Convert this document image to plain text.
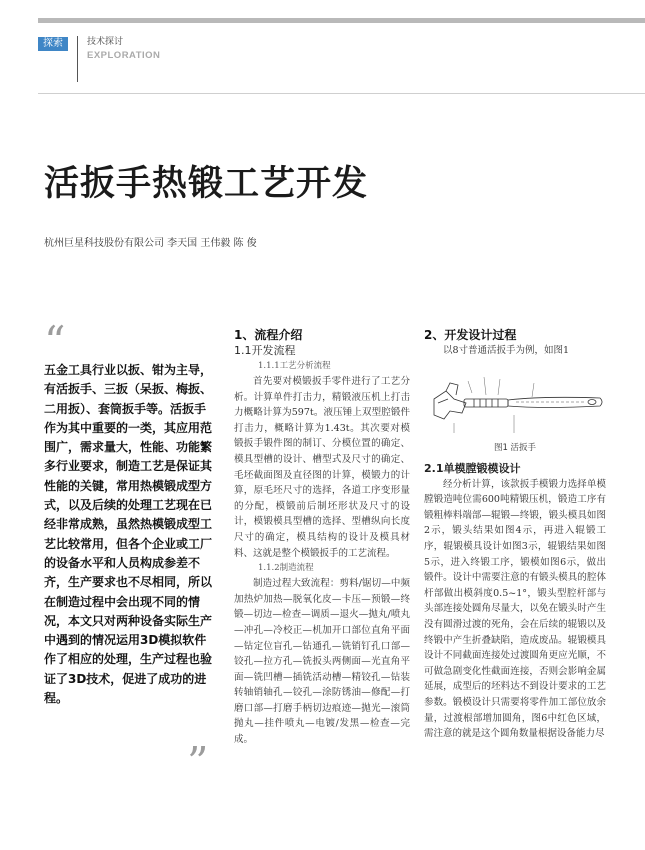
探索	技术探讨
EXPLORATION
活扳手热锻工艺开发
杭州巨星科技股份有限公司 李天国 王伟毅 陈 俊
“
五金工具行业以扳、钳为主导，有活扳手、三扳（呆扳、梅扳、二用扳）、套筒扳手等。活扳手作为其中重要的一类，其应用范围广，需求量大，性能、功能繁多行业要求，制造工艺是保证其性能的关键，常用热模锻成型方式，以及后续的处理工艺现在已经非常成熟，虽然热模锻成型工艺比较常用，但各个企业或工厂的设备水平和人员构成参差不齐，生产要求也不尽相同，所以在制造过程中会出现不同的情况，本文只对两种设备实际生产中遇到的情况运用3D模拟软件作了相应的处理，生产过程也验证了3D技术，促进了成功的进程。
”
1、流程介绍
1.1开发流程
1.1.1工艺分析流程
首先要对模锻扳手零件进行了工艺分析。计算单件打击力，精锻液压机上打击力概略计算为597t。液压锤上双型腔锻件打击力，概略计算为1.43t。其次要对模锻扳手锻件图的制订、分模位置的确定、模具型槽的设计、槽型式及尺寸的确定、毛坯截面图及直径图的计算，模锻力的计算，原毛坯尺寸的选择，各道工序变形量的分配，模锻前后制坯形状及尺寸的设计，模锻模具型槽的选择、型槽纵向长度尺寸的确定，模具结构的设计及模具材料、这就是整个模锻扳手的工艺流程。
1.1.2制造流程
制造过程大致流程：剪料/锯切—中频加热炉加热—脱氧化皮—卡压—预锻—终锻—切边—检查—调质—退火—抛丸/喷丸—冲孔—冷校正—机加开口部位直角平面—钻定位盲孔—钻通孔—铣销钉孔口部—铰孔—拉方孔—铣扳头两侧面—光直角平面—铣凹槽—插铣活动槽—精铰孔—钻装转轴销轴孔—铰孔—涂防锈油—修配—打磨口部—打磨手柄切边痕迹—抛光—滚筒抛丸—挂件喷丸—电镀/发黑—检查—完成。
2、开发设计过程
以8寸普通活扳手为例，如图1
图1 活扳手
2.1单模膛锻模设计
经分析计算，该款扳手模锻力选择单模膛锻造吨位需600吨精锻压机，锻造工序有锻粗棒料端部—辊锻—终锻，锻头模具如图2示，锻头结果如图4示，再进入辊锻工序，辊锻模具设计如图3示，辊锻结果如图5示，进入终锻工序，锻模如图6示，做出锻件。设计中需要注意的有锻头模具的腔体杆部做出模斜度0.5~1°，锻头型腔杆部与头部连接处圆角尽量大，以免在锻头时产生没有圆滑过渡的死角，会在后续的辊锻以及终锻中产生折叠缺陷，造成废品。辊锻模具设计不同截面连接处过渡圆角更应光顺，不可做急剧变化性截面连接，否则会影响金属延展，成型后的坯料达不到设计要求的工艺参数。锻模设计只需要将零件加工部位放余量，过渡根部增加圆角，图6中红色区域，需注意的就是这个圆角数量根据设备能力尽
